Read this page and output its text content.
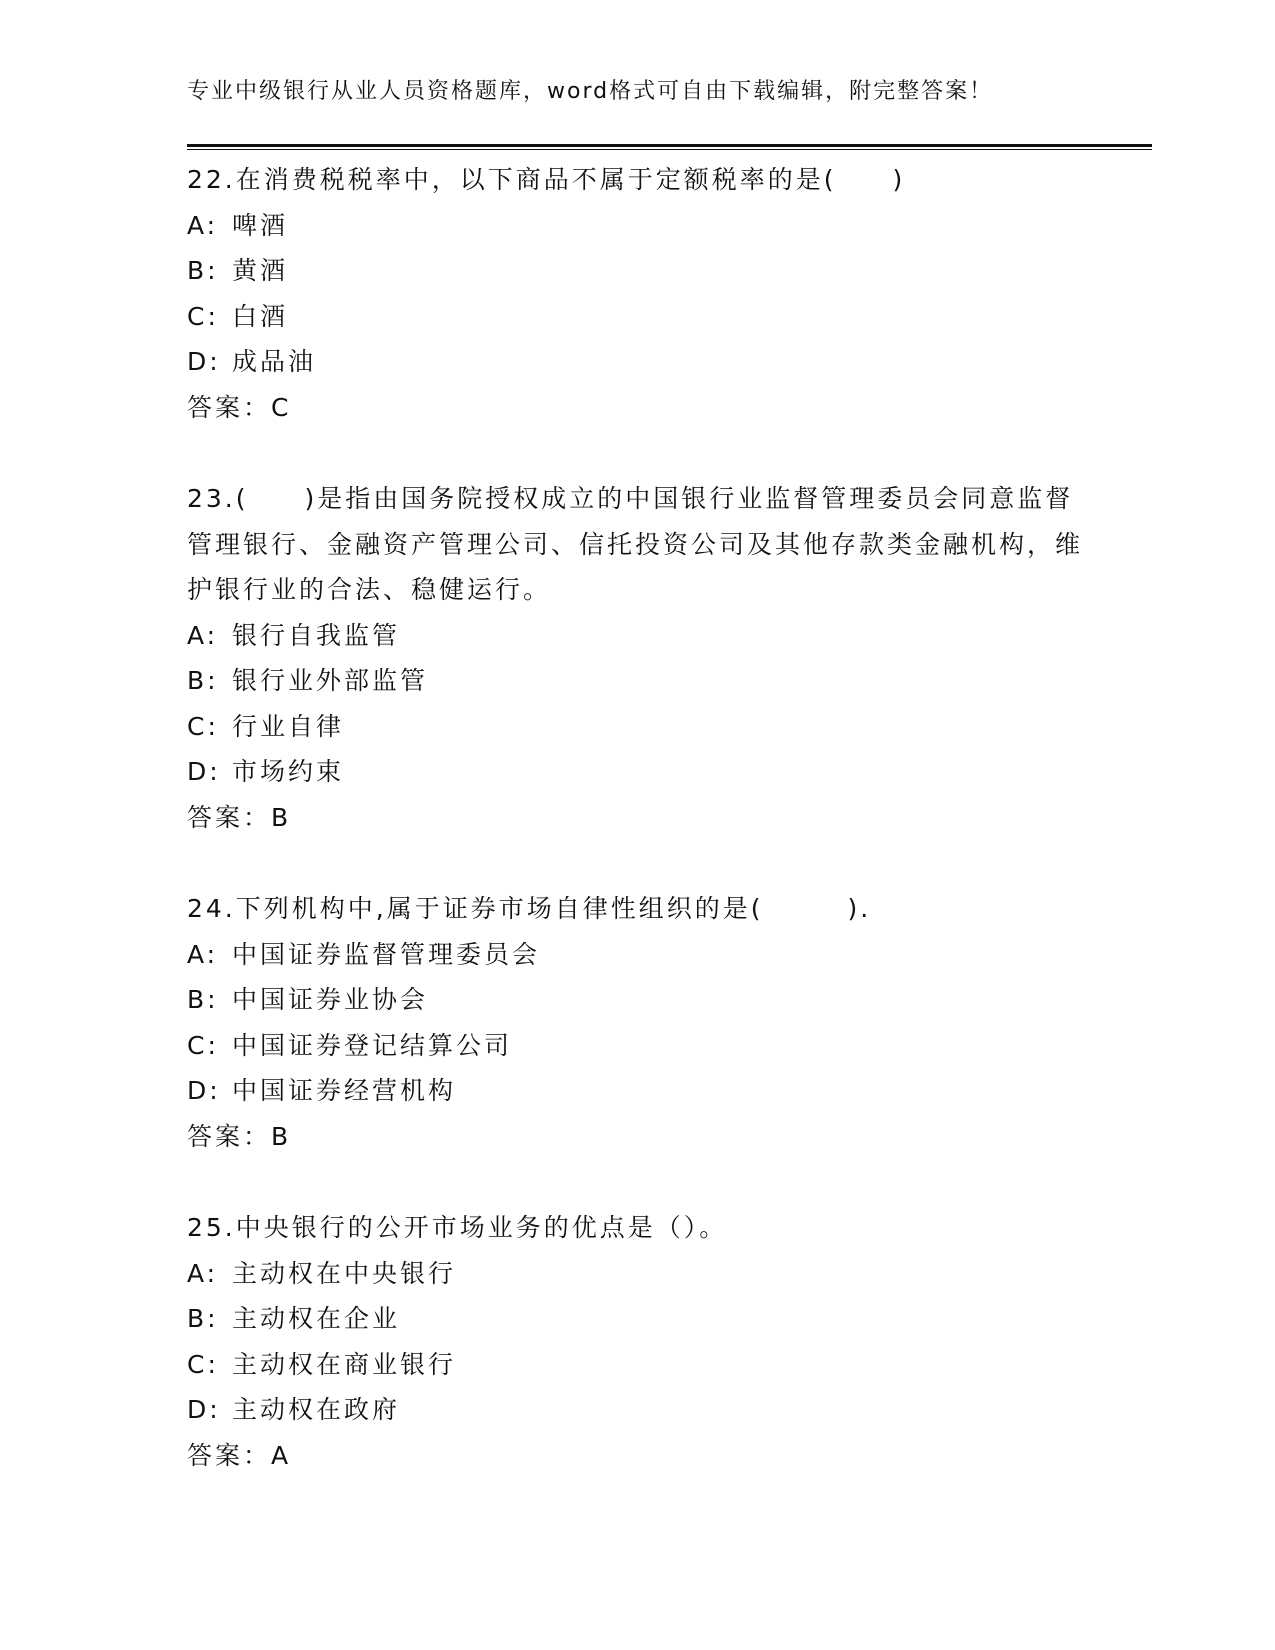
专业中级银行从业人员资格题库，word格式可自由下载编辑，附完整答案！

22.在消费税税率中，以下商品不属于定额税率的是(　　)

A: 啤酒

B: 黄酒

C: 白酒

D: 成品油

答案：C

23.(　　)是指由国务院授权成立的中国银行业监督管理委员会同意监督管理银行、金融资产管理公司、信托投资公司及其他存款类金融机构，维护银行业的合法、稳健运行。

A: 银行自我监管

B: 银行业外部监管

C: 行业自律

D: 市场约束

答案：B

24.下列机构中,属于证券市场自律性组织的是(　　　).

A: 中国证券监督管理委员会

B: 中国证券业协会

C: 中国证券登记结算公司

D: 中国证券经营机构

答案：B

25.中央银行的公开市场业务的优点是（）。

A: 主动权在中央银行

B: 主动权在企业

C: 主动权在商业银行

D: 主动权在政府

答案：A
